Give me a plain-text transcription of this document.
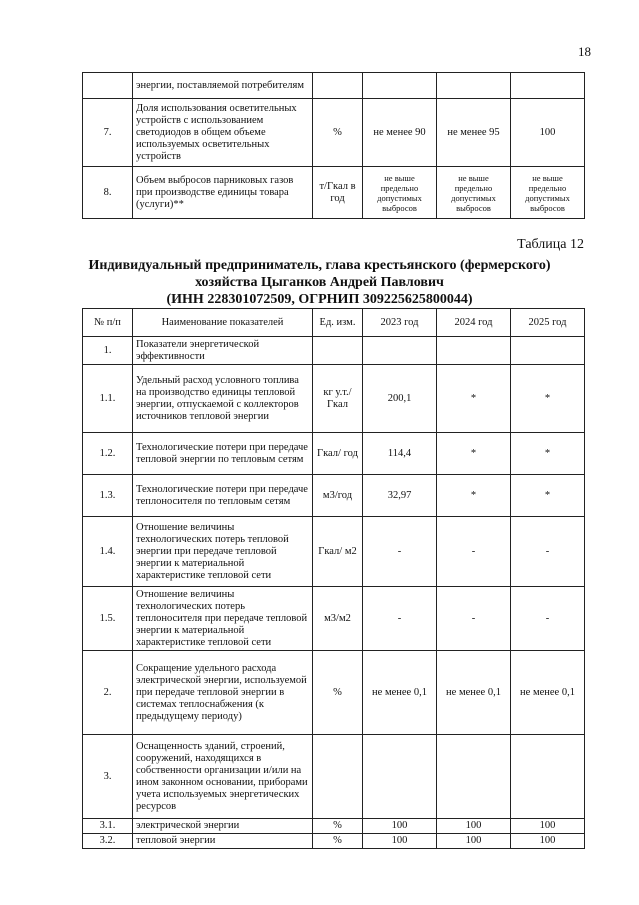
18
	энергии, поставляемой потребителям				
7.	Доля использования осветительных устройств с использованием светодиодов в общем объеме используемых осветительных устройств	%	не менее 90	не менее 95	100
8.	Объем выбросов парниковых газов при производстве единицы товара (услуги)**	т/Гкал в год	не выше предельно допустимых выбросов	не выше предельно допустимых выбросов	не выше предельно допустимых выбросов
Таблица 12
Индивидуальный предприниматель, глава крестьянского (фермерского)
хозяйства Цыганков Андрей Павлович
(ИНН 228301072509, ОГРНИП 309225625800044)
№ п/п	Наименование показателей	Ед. изм.	2023 год	2024 год	2025 год
1.	Показатели энергетической эффективности				
1.1.	Удельный расход условного топлива на производство единицы тепловой энергии, отпускаемой с коллекторов источников тепловой энергии	кг у.т./ Гкал	200,1	*	*
1.2.	Технологические потери при передаче тепловой энергии по тепловым сетям	Гкал/ год	114,4	*	*
1.3.	Технологические потери при передаче теплоносителя по тепловым сетям	м3/год	32,97	*	*
1.4.	Отношение величины технологических потерь тепловой энергии при передаче тепловой энергии к материальной характеристике тепловой сети	Гкал/ м2	-	-	-
1.5.	Отношение величины технологических потерь теплоносителя при передаче тепловой энергии к материальной характеристике тепловой сети	м3/м2	-	-	-
2.	Сокращение удельного расхода электрической энергии, используемой при передаче тепловой энергии в системах теплоснабжения (к предыдущему периоду)	%	не менее 0,1	не менее 0,1	не менее 0,1
3.	Оснащенность зданий, строений, сооружений, находящихся в собственности организации и/или на ином законном основании, приборами учета используемых энергетических ресурсов				
3.1.	электрической энергии	%	100	100	100
3.2.	тепловой энергии	%	100	100	100
